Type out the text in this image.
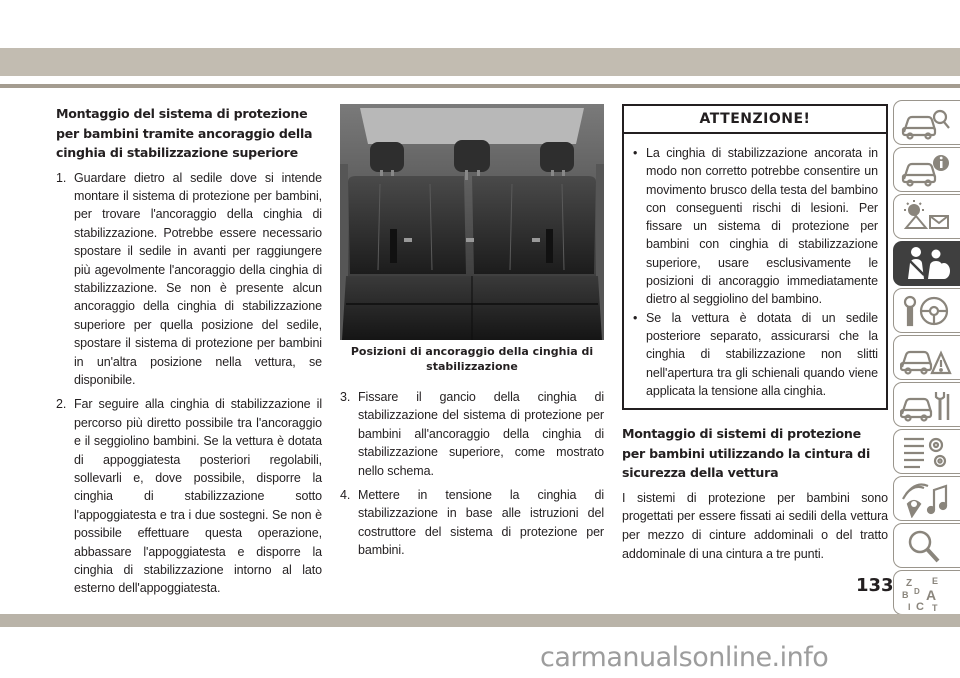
Montaggio del sistema di protezione per bambini tramite ancoraggio della cinghia di stabilizzazione superiore
1. Guardare dietro al sedile dove si intende montare il sistema di protezione per bambini, per trovare l'ancoraggio della cinghia di stabilizzazione. Potrebbe essere necessario spostare il sedile in avanti per raggiungere più agevolmente l'ancoraggio della cinghia di stabilizzazione. Se non è presente alcun ancoraggio della cinghia di stabilizzazione superiore per quella posizione del sedile, spostare il sistema di protezione per bambini in un'altra posizione nella vettura, se disponibile.
2. Far seguire alla cinghia di stabilizzazione il percorso più diretto possibile tra l'ancoraggio e il seggiolino bambini. Se la vettura è dotata di appoggiatesta posteriori regolabili, sollevarli e, dove possibile, disporre la cinghia di stabilizzazione sotto l'appoggiatesta e tra i due sostegni. Se non è possibile effettuare questa operazione, abbassare l'appoggiatesta e disporre la cinghia di stabilizzazione intorno al lato esterno dell'appoggiatesta.
Posizioni di ancoraggio della cinghia di stabilizzazione
3. Fissare il gancio della cinghia di stabilizzazione del sistema di protezione per bambini all'ancoraggio della cinghia di stabilizzazione superiore, come mostrato nello schema.
4. Mettere in tensione la cinghia di stabilizzazione in base alle istruzioni del costruttore del sistema di protezione per bambini.
ATTENZIONE!
• La cinghia di stabilizzazione ancorata in modo non corretto potrebbe consentire un movimento brusco della testa del bambino con conseguenti rischi di lesioni. Per fissare un sistema di protezione per bambini con cinghia di stabilizzazione superiore, usare esclusivamente le posizioni di ancoraggio immediatamente dietro al seggiolino del bambino.
• Se la vettura è dotata di un sedile posteriore separato, assicurarsi che la cinghia di stabilizzazione non slitti nell'apertura tra gli schienali quando viene applicata la tensione alla cinghia.
Montaggio di sistemi di protezione per bambini utilizzando la cintura di sicurezza della vettura

I sistemi di protezione per bambini sono progettati per essere fissati ai sedili della vettura per mezzo di cinture addominali o del tratto addominale di una cintura a tre punti.

Z E
A
B D
I C T
133
carmanualsonline.info
